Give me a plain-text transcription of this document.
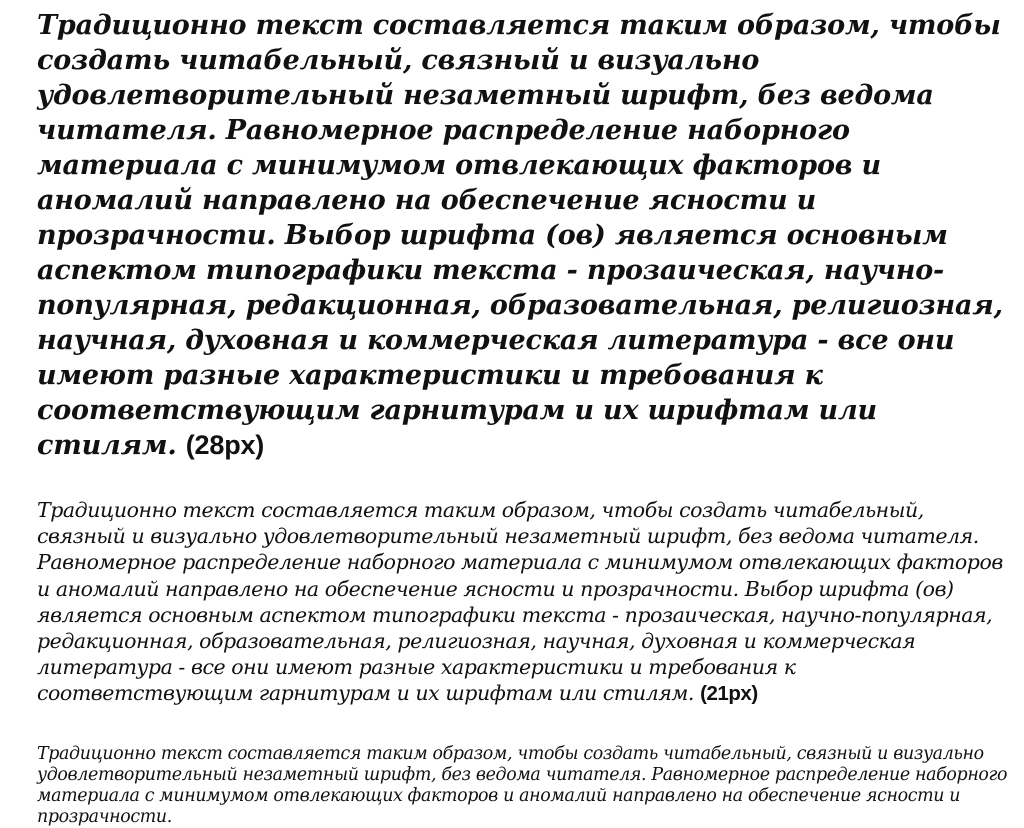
Традиционно текст составляется таким образом, чтобы создать читабельный, связный и визуально удовлетворительный незаметный шрифт, без ведома читателя. Равномерное распределение наборного материала с минимумом отвлекающих факторов и аномалий направлено на обеспечение ясности и прозрачности. Выбор шрифта (ов) является основным аспектом типографики текста - прозаическая, научно-популярная, редакционная, образовательная, религиозная, научная, духовная и коммерческая литература - все они имеют разные характеристики и требования к соответствующим гарнитурам и их шрифтам или стилям. (28px)

Традиционно текст составляется таким образом, чтобы создать читабельный, связный и визуально удовлетворительный незаметный шрифт, без ведома читателя. Равномерное распределение наборного материала с минимумом отвлекающих факторов и аномалий направлено на обеспечение ясности и прозрачности. Выбор шрифта (ов) является основным аспектом типографики текста - прозаическая, научно-популярная, редакционная, образовательная, религиозная, научная, духовная и коммерческая литература - все они имеют разные характеристики и требования к соответствующим гарнитурам и их шрифтам или стилям. (21px)

Традиционно текст составляется таким образом, чтобы создать читабельный, связный и визуально удовлетворительный незаметный шрифт, без ведома читателя. Равномерное распределение наборного материала с минимумом отвлекающих факторов и аномалий направлено на обеспечение ясности и прозрачности.
